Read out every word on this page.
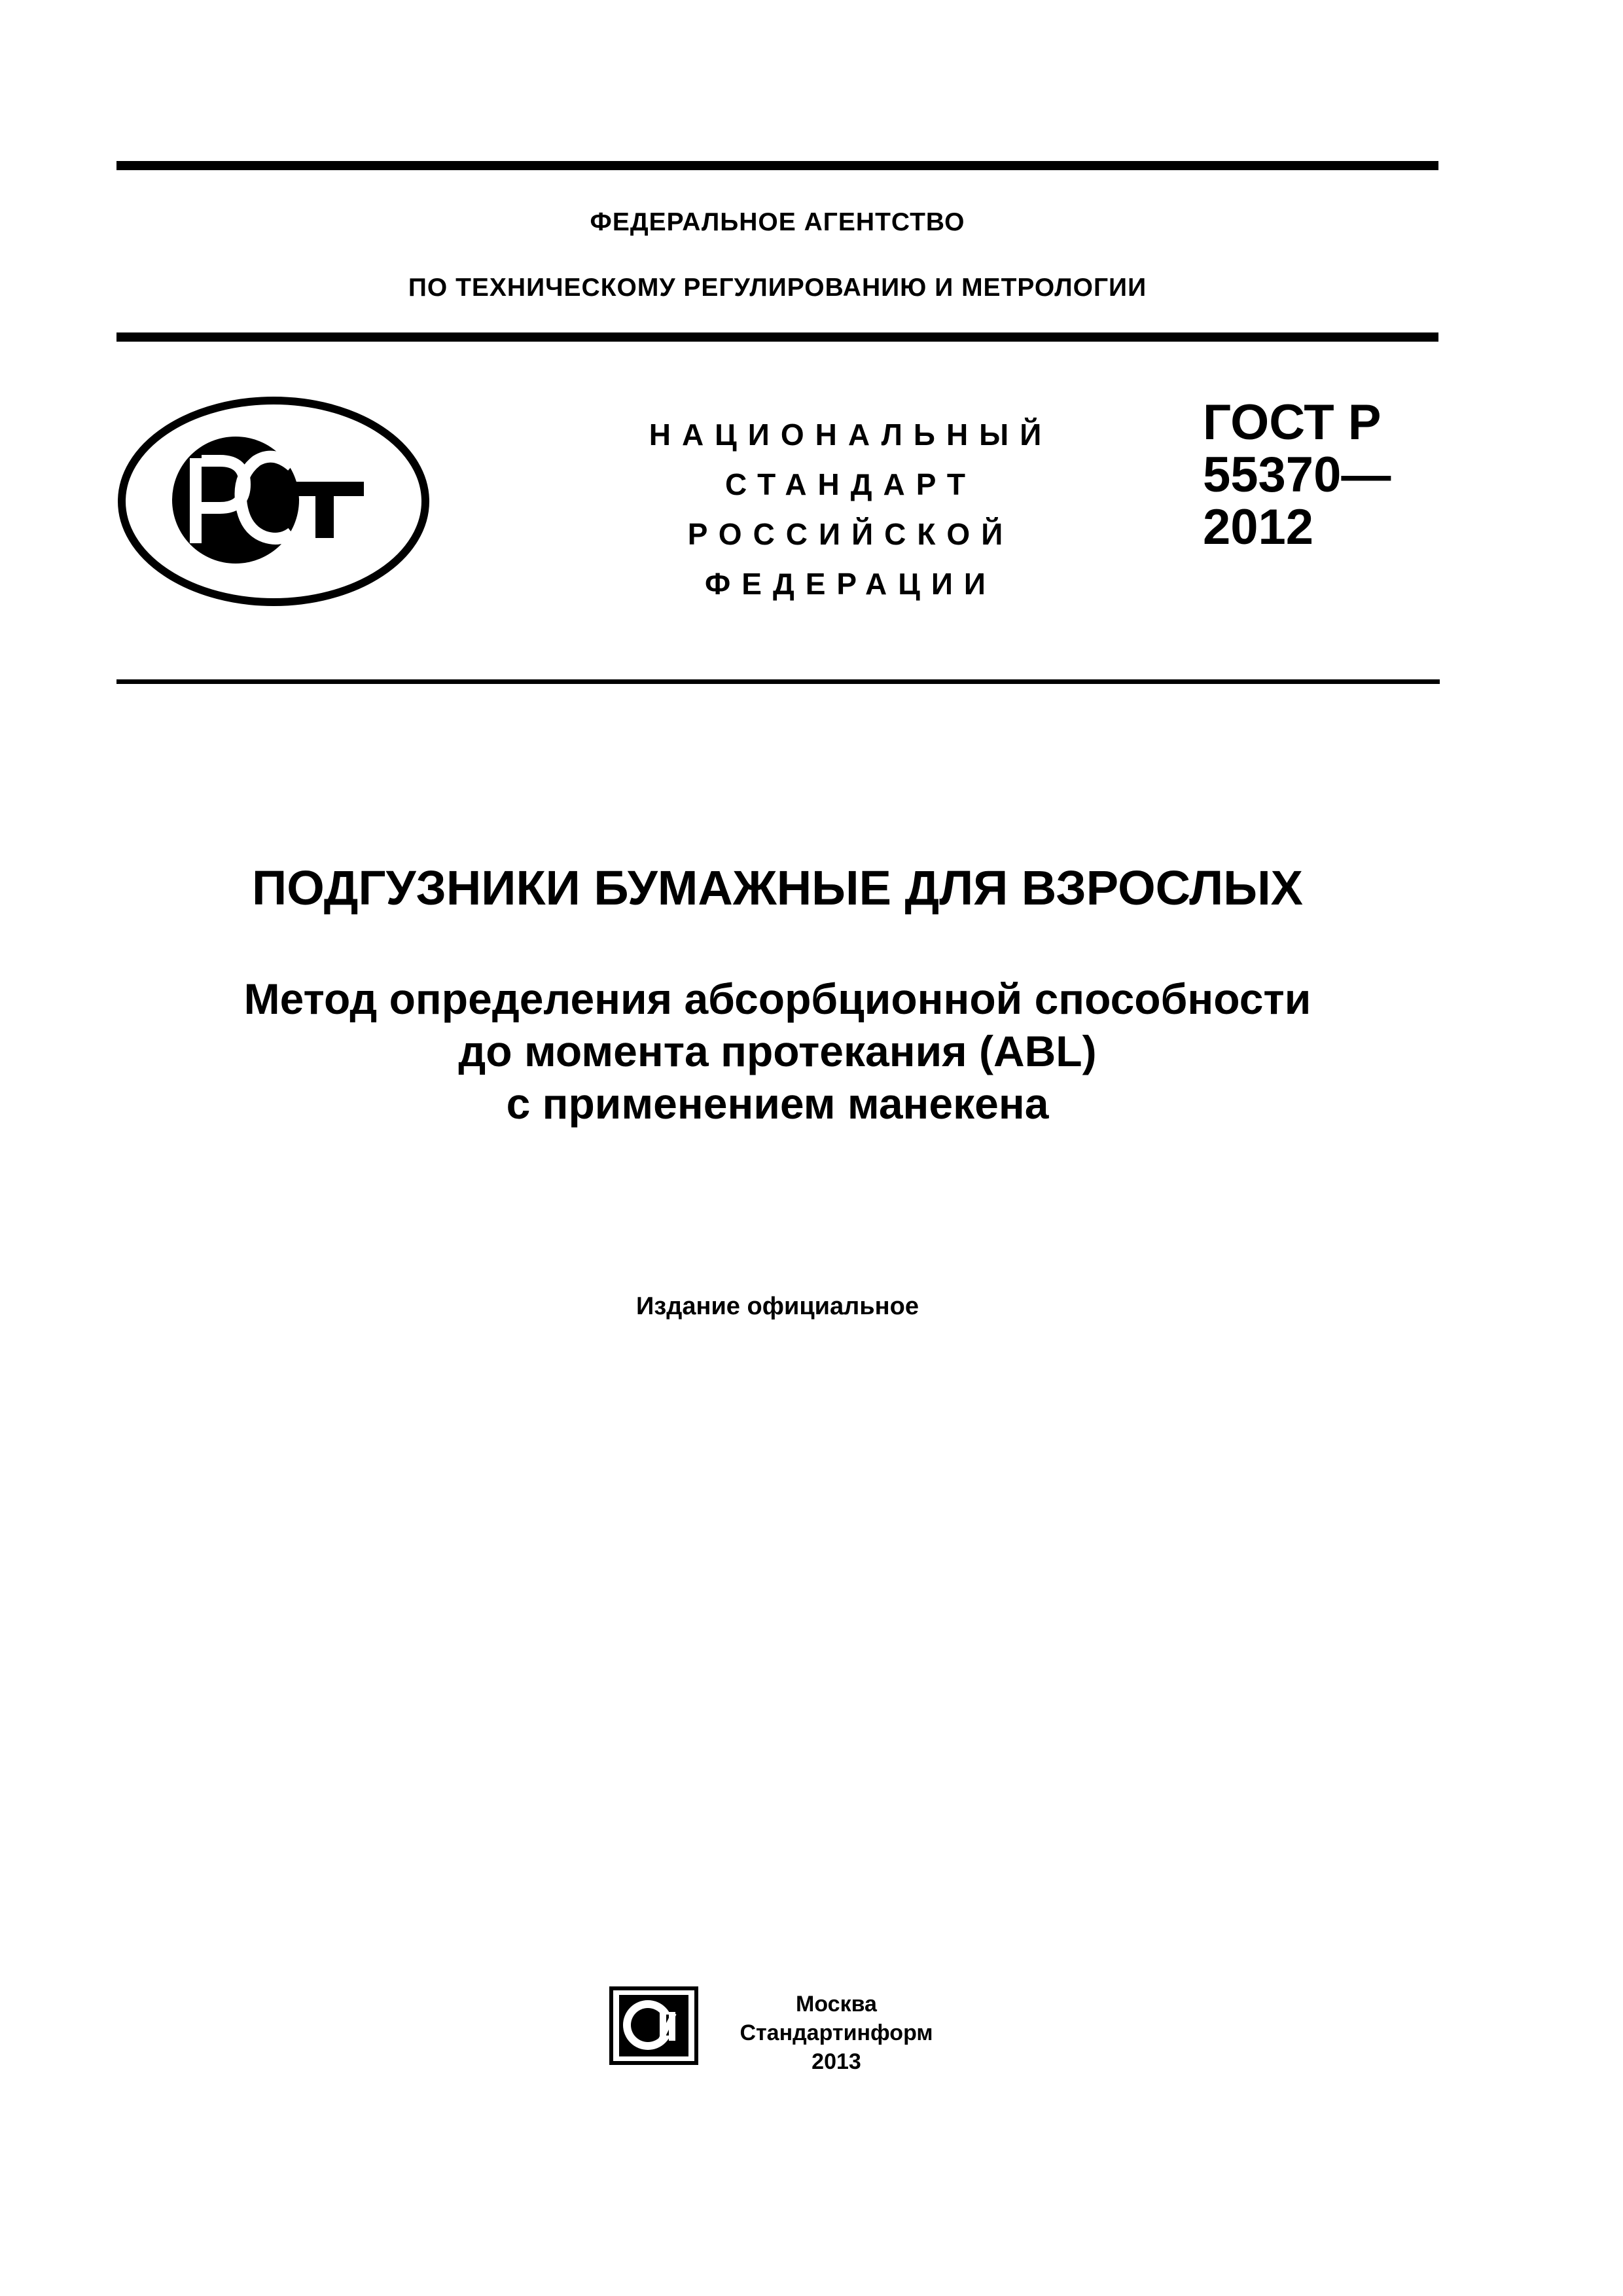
ФЕДЕРАЛЬНОЕ АГЕНТСТВО
ПО ТЕХНИЧЕСКОМУ РЕГУЛИРОВАНИЮ И МЕТРОЛОГИИ
НАЦИОНАЛЬНЫЙ
СТАНДАРТ
РОССИЙСКОЙ
ФЕДЕРАЦИИ
ГОСТ Р
55370—
2012
ПОДГУЗНИКИ БУМАЖНЫЕ ДЛЯ ВЗРОСЛЫХ
Метод определения абсорбционной способности
до момента протекания (ABL)
с применением манекена
Издание официальное
Москва
Стандартинформ
2013
